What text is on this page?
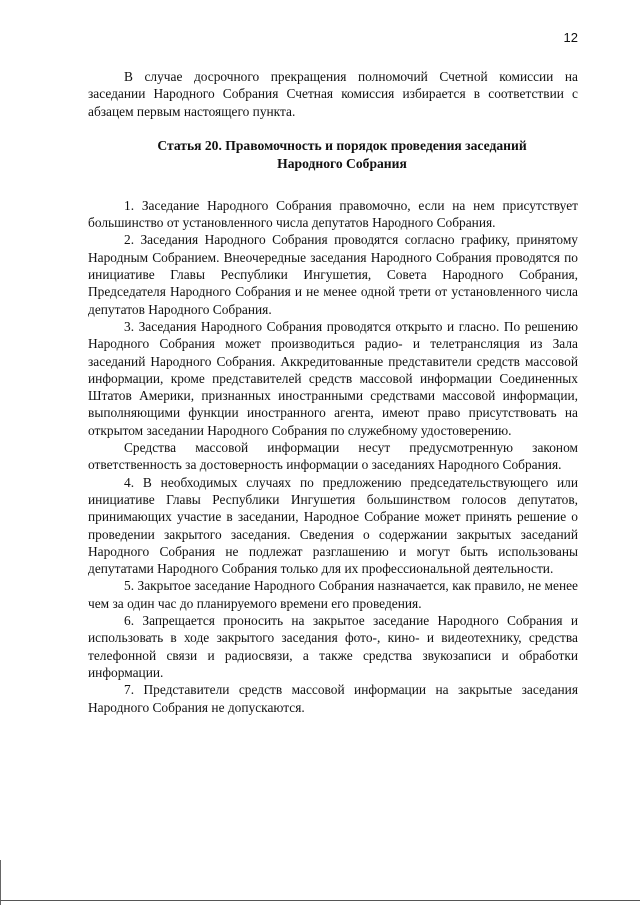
12

В случае досрочного прекращения полномочий Счетной комиссии на заседании Народного Собрания Счетная комиссия избирается в соответствии с абзацем первым настоящего пункта.

Статья 20. Правомочность и порядок проведения заседаний
Народного Собрания

1. Заседание Народного Собрания правомочно, если на нем присутствует большинство от установленного числа депутатов Народного Собрания.

2. Заседания Народного Собрания проводятся согласно графику, принятому Народным Собранием. Внеочередные заседания Народного Собрания проводятся по инициативе Главы Республики Ингушетия, Совета Народного Собрания, Председателя Народного Собрания и не менее одной трети от установленного числа депутатов Народного Собрания.

3. Заседания Народного Собрания проводятся открыто и гласно. По решению Народного Собрания может производиться радио- и телетрансляция из Зала заседаний Народного Собрания. Аккредитованные представители средств массовой информации, кроме представителей средств массовой информации Соединенных Штатов Америки, признанных иностранными средствами массовой информации, выполняющими функции иностранного агента, имеют право присутствовать на открытом заседании Народного Собрания по служебному удостоверению.

Средства массовой информации несут предусмотренную законом ответственность за достоверность информации о заседаниях Народного Собрания.

4. В необходимых случаях по предложению председательствующего или инициативе Главы Республики Ингушетия большинством голосов депутатов, принимающих участие в заседании, Народное Собрание может принять решение о проведении закрытого заседания. Сведения о содержании закрытых заседаний Народного Собрания не подлежат разглашению и могут быть использованы депутатами Народного Собрания только для их профессиональной деятельности.

5. Закрытое заседание Народного Собрания назначается, как правило, не менее чем за один час до планируемого времени его проведения.

6. Запрещается проносить на закрытое заседание Народного Собрания и использовать в ходе закрытого заседания фото-, кино- и видеотехнику, средства телефонной связи и радиосвязи, а также средства звукозаписи и обработки информации.

7. Представители средств массовой информации на закрытые заседания Народного Собрания не допускаются.
